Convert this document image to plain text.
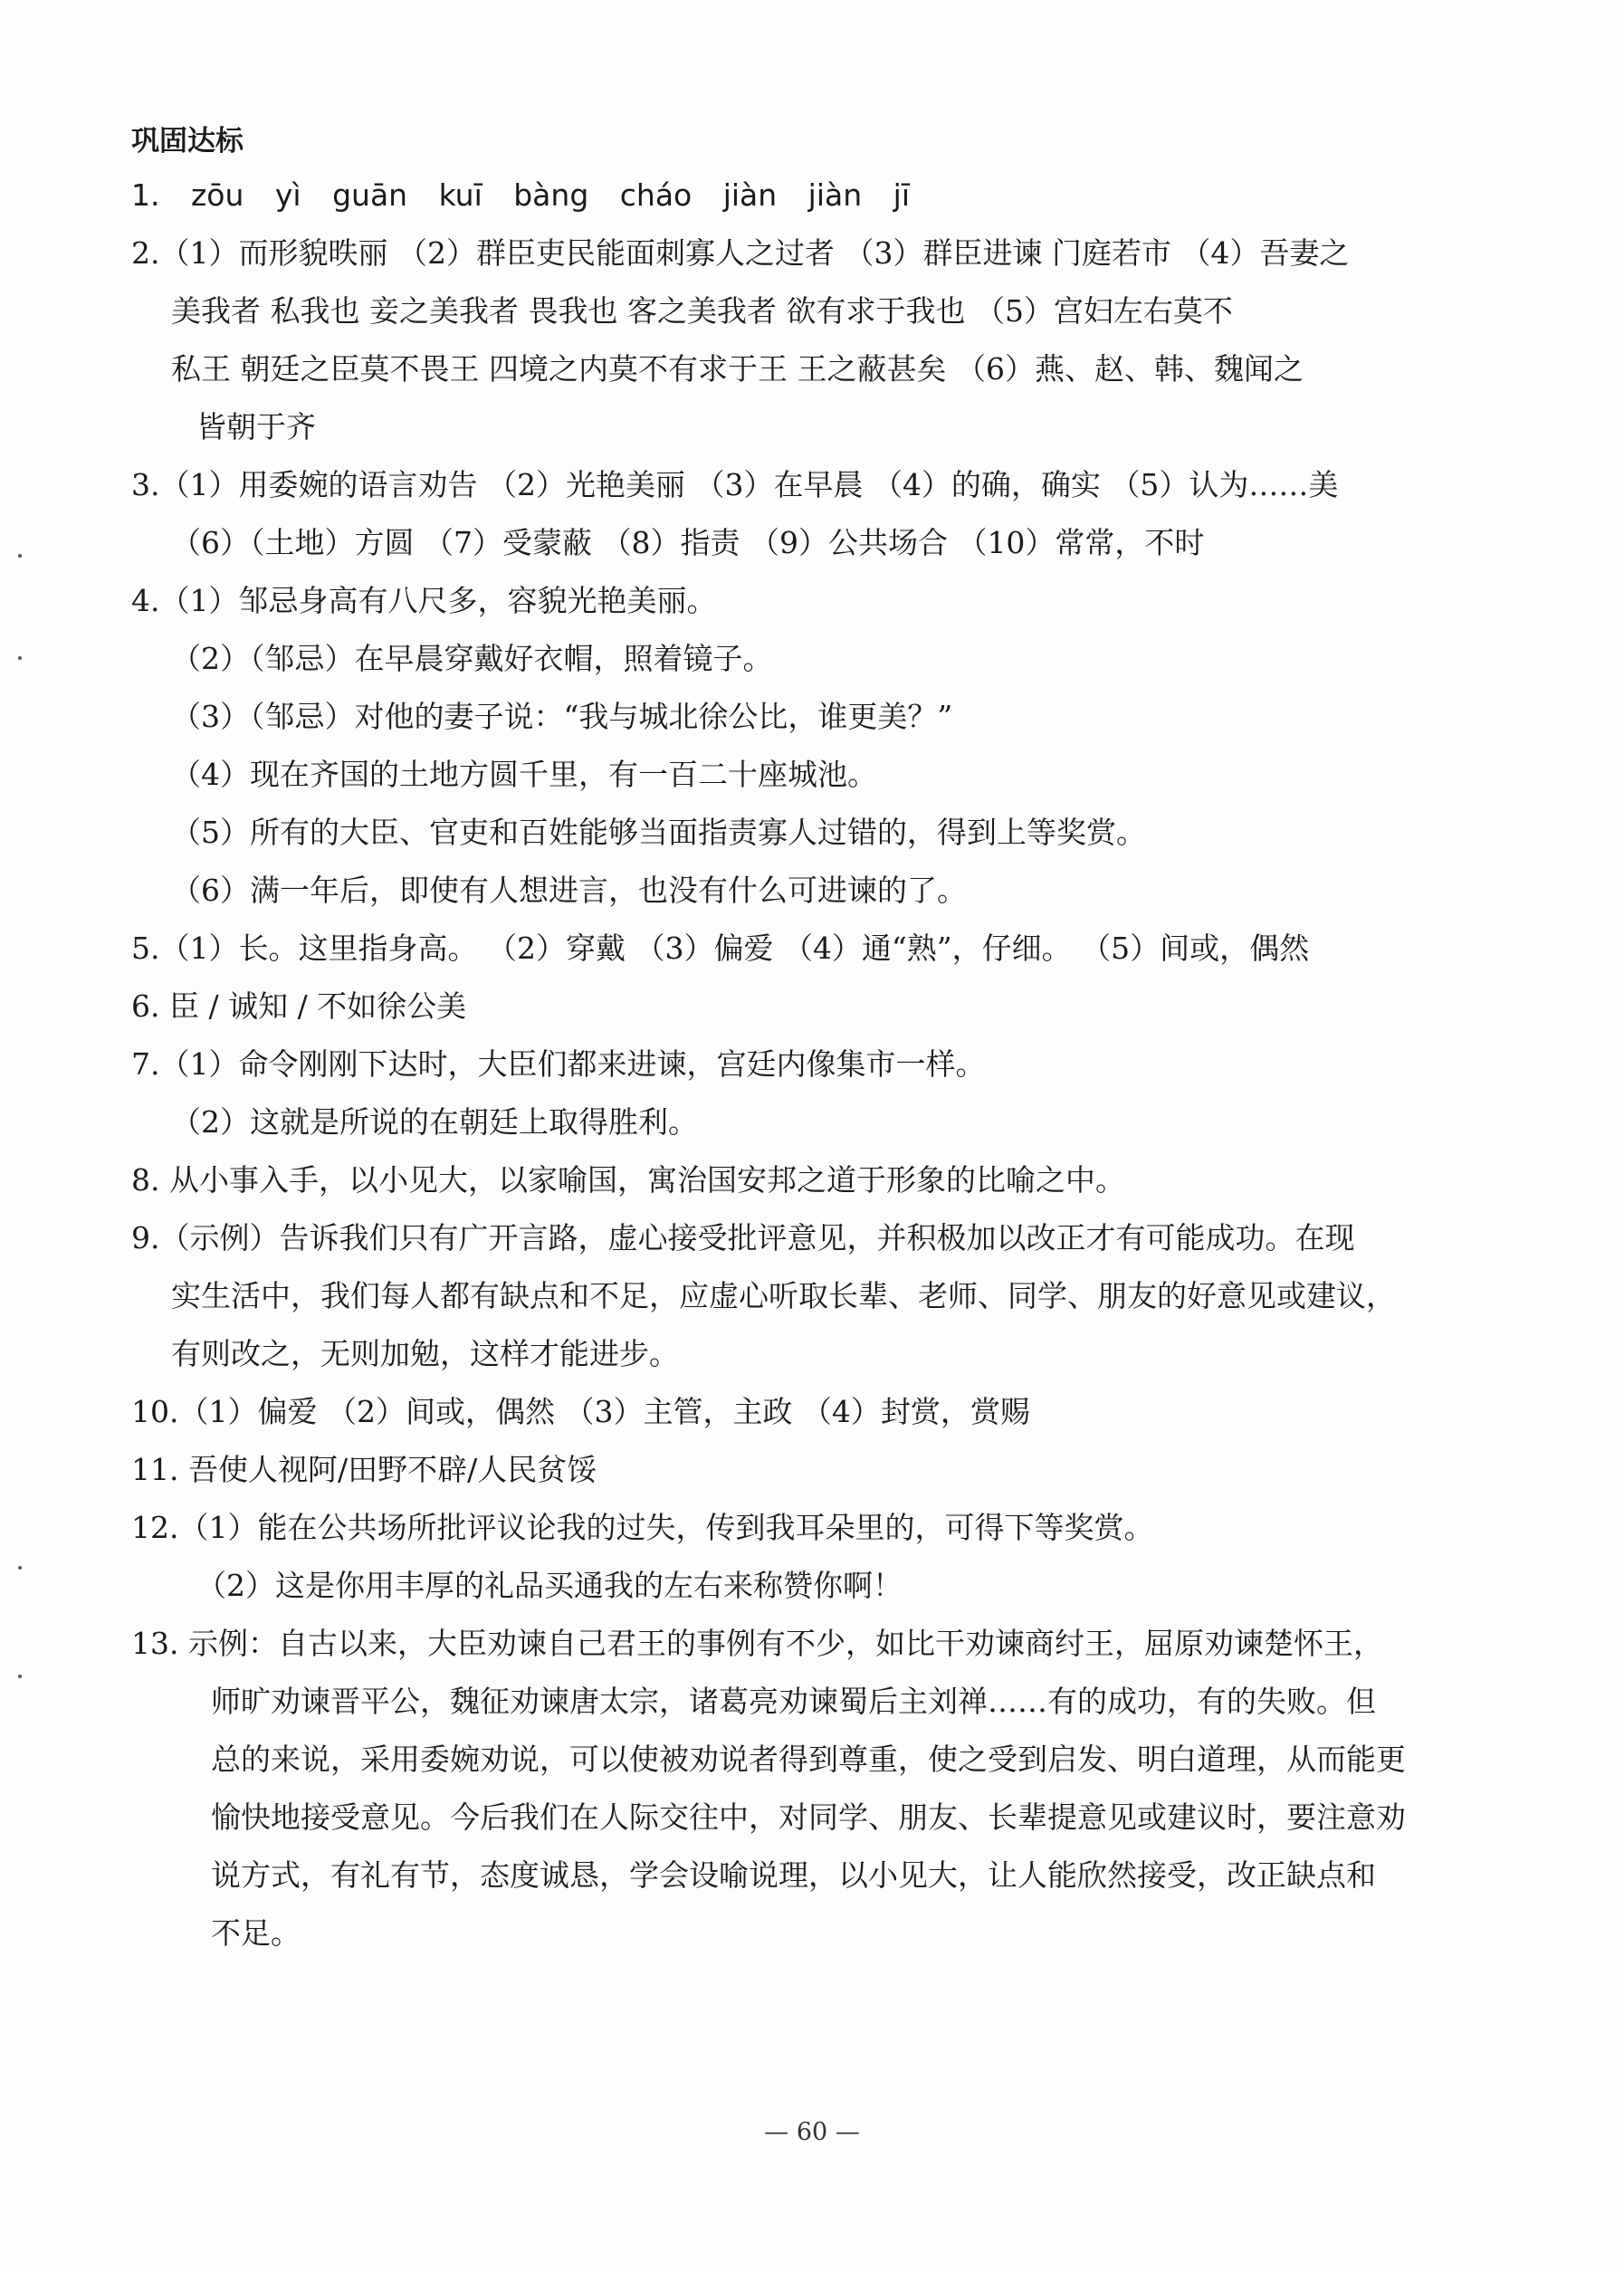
巩固达标
1. zōu yì guān kuī bàng cháo jiàn jiàn jī
2.（1）而形貌昳丽 （2）群臣吏民能面刺寡人之过者 （3）群臣进谏 门庭若市 （4）吾妻之
美我者 私我也 妾之美我者 畏我也 客之美我者 欲有求于我也 （5）宫妇左右莫不
私王 朝廷之臣莫不畏王 四境之内莫不有求于王 王之蔽甚矣 （6）燕、赵、韩、魏闻之
皆朝于齐
3.（1）用委婉的语言劝告 （2）光艳美丽 （3）在早晨 （4）的确，确实 （5）认为……美
（6）（土地）方圆 （7）受蒙蔽 （8）指责 （9）公共场合 （10）常常，不时
4.（1）邹忌身高有八尺多，容貌光艳美丽。
（2）（邹忌）在早晨穿戴好衣帽，照着镜子。
（3）（邹忌）对他的妻子说：“我与城北徐公比，谁更美？”
（4）现在齐国的土地方圆千里，有一百二十座城池。
（5）所有的大臣、官吏和百姓能够当面指责寡人过错的，得到上等奖赏。
（6）满一年后，即使有人想进言，也没有什么可进谏的了。
5.（1）长。这里指身高。 （2）穿戴 （3）偏爱 （4）通“熟”，仔细。 （5）间或，偶然
6. 臣 / 诚知 / 不如徐公美
7.（1）命令刚刚下达时，大臣们都来进谏，宫廷内像集市一样。
（2）这就是所说的在朝廷上取得胜利。
8. 从小事入手，以小见大，以家喻国，寓治国安邦之道于形象的比喻之中。
9.（示例）告诉我们只有广开言路，虚心接受批评意见，并积极加以改正才有可能成功。在现
实生活中，我们每人都有缺点和不足，应虚心听取长辈、老师、同学、朋友的好意见或建议，
有则改之，无则加勉，这样才能进步。
10.（1）偏爱 （2）间或，偶然 （3）主管，主政 （4）封赏，赏赐
11. 吾使人视阿/田野不辟/人民贫馁
12.（1）能在公共场所批评议论我的过失，传到我耳朵里的，可得下等奖赏。
（2）这是你用丰厚的礼品买通我的左右来称赞你啊！
13. 示例：自古以来，大臣劝谏自己君王的事例有不少，如比干劝谏商纣王，屈原劝谏楚怀王，
师旷劝谏晋平公，魏征劝谏唐太宗，诸葛亮劝谏蜀后主刘禅……有的成功，有的失败。但
总的来说，采用委婉劝说，可以使被劝说者得到尊重，使之受到启发、明白道理，从而能更
愉快地接受意见。今后我们在人际交往中，对同学、朋友、长辈提意见或建议时，要注意劝
说方式，有礼有节，态度诚恳，学会设喻说理，以小见大，让人能欣然接受，改正缺点和
不足。
— 60 —
